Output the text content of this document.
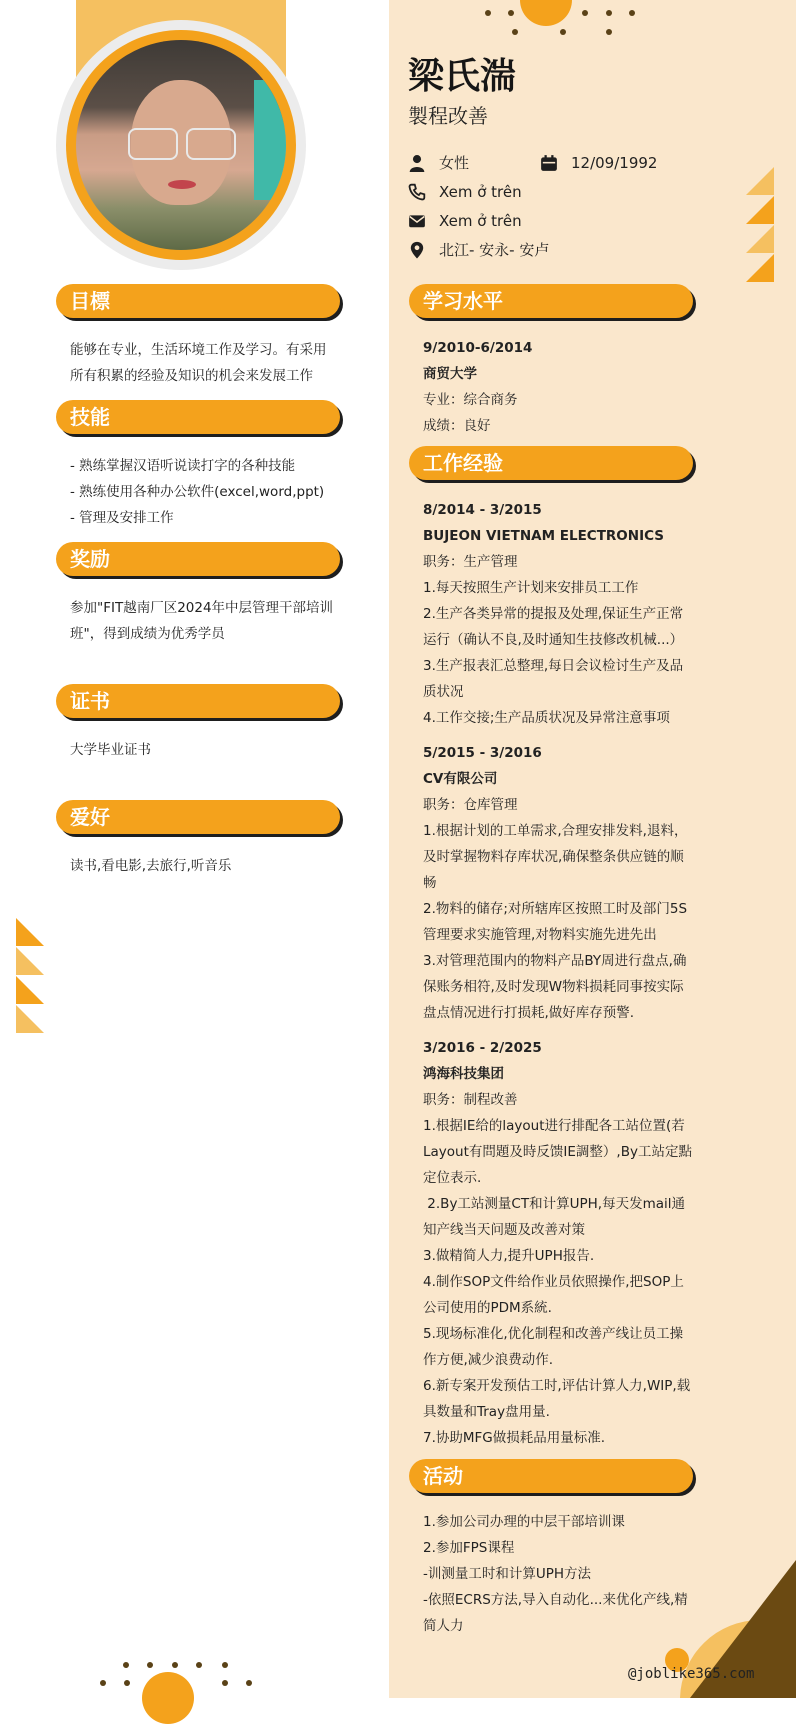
梁氏湍
製程改善
女性	12/09/1992
Xem ở trên
Xem ở trên
北江- 安永- 安卢
目標
能够在专业，生活环境工作及学习。有采用
所有积累的经验及知识的机会来发展工作
技能
- 熟练掌握汉语听说读打字的各种技能
- 熟练使用各种办公软件(excel,word,ppt)
- 管理及安排工作
奖励
参加"FIT越南厂区2024年中层管理干部培训
班"，得到成绩为优秀学员
证书
大学毕业证书
爱好
读书,看电影,去旅行,听音乐
学习水平
9/2010-6/2014
商贸大学
专业：综合商务
成绩：良好
工作经验
8/2014 - 3/2015
BUJEON VIETNAM ELECTRONICS
职务：生产管理
1.每天按照生产计划来安排员工工作
2.生产各类异常的提报及处理,保证生产正常
运行（确认不良,及时通知生技修改机械...）
3.生产报表汇总整理,每日会议检讨生产及品
质状况
4.工作交接;生产品质状况及异常注意事项
5/2015 - 3/2016
CV有限公司
职务：仓库管理
1.根据计划的工单需求,合理安排发料,退料，
及时掌握物料存库状况,确保整条供应链的顺
畅
2.物料的储存;对所辖库区按照工时及部门5S
管理要求实施管理,对物料实施先进先出
3.对管理范围内的物料产品BY周进行盘点,确
保账务相符,及时发现W物料损耗同事按实际
盘点情况进行打损耗,做好库存预警.
3/2016 - 2/2025
鸿海科技集团
职务：制程改善
1.根据IE给的layout进行排配各工站位置(若
Layout有問題及時反馈IE調整）,By工站定點
定位表示.
2.By工站测量CT和计算UPH,每天发mail通
知产线当天问题及改善对策
3.做精简人力,提升UPH报告.
4.制作SOP文件给作业员依照操作,把SOP上
公司使用的PDM系統.
5.现场标准化,优化制程和改善产线让员工操
作方便,减少浪费动作.
6.新专案开发预估工时,评估计算人力,WIP,载
具数量和Tray盘用量.
7.协助MFG做损耗品用量标准.
活动
1.参加公司办理的中层干部培训课
2.参加FPS课程
-训测量工时和计算UPH方法
-依照ECRS方法,导入自动化...来优化产线,精
简人力
@joblike365.com
